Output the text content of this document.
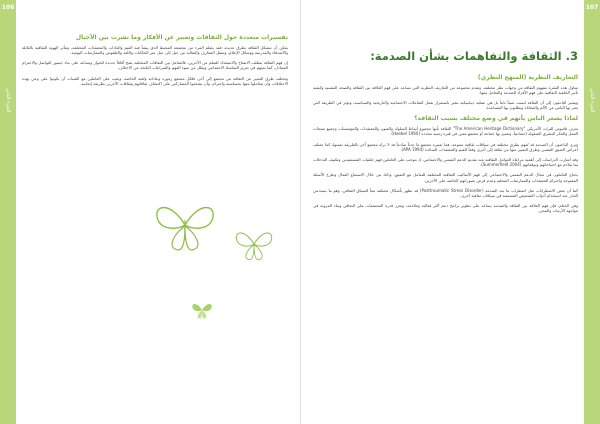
106
الجزء الثاني
تفسيرات متعددة حول الثقافات وتعبير عن الأفكار وما نشرت بين الأجيال

يمكن أن تتشكل الثقافة بطرق عديدة، فقد يتعلم المرء من مجتمعه المحيط الذي ينشأ فيه القيم والعادات والمعتقدات المختلفة، وتتأثر الهوية الثقافية بالعائلة والأصدقاء والمدرسة ووسائل الإعلام، وتنتقل المعارف والتقاليد من جيل إلى جيل عبر الحكايات واللغة والطقوس والممارسات اليومية.

إن فهم الثقافة يتطلب الانفتاح والاستعداد للتعلم من الآخرين، فالتفاعل بين الثقافات المختلفة يفتح آفاقاً جديدة للحوار ويساعد على بناء جسور التواصل والاحترام المتبادل، كما يسهم في تعزيز التماسك الاجتماعي ويقلل من سوء الفهم والصراعات الناتجة عن الاختلاف.

وتختلف طرق التعبير عن الثقافة من مجتمع إلى آخر، فلكل مجتمع رموزه وعاداته ولغته الخاصة، ويجب على العاملين مع الشباب أن يكونوا على وعي بهذه الاختلافات وأن يتعاملوا معها بحساسية واحترام، وأن يشجعوا المشاركين على اكتشاف ثقافاتهم وثقافات الآخرين بطريقة إيجابية.

107
الجزء الثاني
3. الثقافة والتفاهمات بشأن الصدمة:
التعاريف النظرية (المنهج النظري)

تتناول هذه الفقرة مفهوم الثقافة من وجهات نظر مختلفة، وتقدم مجموعة من التعاريف النظرية التي تساعد على فهم العلاقة بين الثقافة والصحة النفسية وكيفية تأثير الخلفية الثقافية على فهم الأفراد للصدمة والتعامل معها.

ويشير الباحثون إلى أن الثقافة ليست شيئاً ثابتاً بل هي عملية ديناميكية تتغير باستمرار بفعل التفاعلات الاجتماعية والتاريخية والسياسية، وتؤثر في الطريقة التي يعبر بها الناس عن الألم والمعاناة ويطلبون بها المساعدة.

لماذا يشعر الناس بأنهم في وضع مختلف بسبب الثقافة؟

يعرف قاموس التراث الأمريكي "The American Heritage Dictionary" الثقافة بأنها مجموع أنماط السلوك والفنون والمعتقدات والمؤسسات وجميع منتجات العمل والفكر البشري المنقولة اجتماعياً، وتتميز بها جماعة أو مجتمع معين في فترة زمنية محددة (Hoebel 1960).

ويرى الباحثون أن الصدمة قد تُفهم بطرق مختلفة في سياقات ثقافية متنوعة، فما يعتبره مجتمع ما حدثاً صادماً قد لا يراه مجتمع آخر بالطريقة نفسها، كما تختلف أعراض الضيق النفسي وطرق التعبير عنها من ثقافة إلى أخرى وفقاً للقيم والمعتقدات السائدة (APA 1994).

وقد أشارت الدراسات إلى أهمية مراعاة العوامل الثقافية عند تقديم الدعم النفسي والاجتماعي، إذ يتوجب على العاملين فهم خلفيات المستفيدين وتكييف التدخلات بما يتلاءم مع احتياجاتهم وتوقعاتهم (Summerfield 2004).

يحتاج العاملون في مجال الدعم النفسي والاجتماعي إلى فهم الأساليب الثقافية المختلفة للتعامل مع الضيق، وذلك من خلال الاستماع الفعال وطرح الأسئلة المفتوحة واحترام المعتقدات والممارسات المحلية وعدم فرض تصوراتهم الخاصة على الآخرين.

كما أن بعض الاضطرابات مثل اضطراب ما بعد الصدمة (Posttraumatic Stress Disorder) قد تظهر بأشكال مختلفة تبعاً للسياق الثقافي، وهو ما يستدعي الحذر عند استخدام أدوات التشخيص المصممة في سياقات ثقافية أخرى.

وفي الختام، فإن فهم العلاقة بين الثقافة والصدمة يساعد على تطوير برامج دعم أكثر فعالية وملاءمة، ويعزز قدرة المجتمعات على التعافي وبناء المرونة في مواجهة الأزمات والمحن.
